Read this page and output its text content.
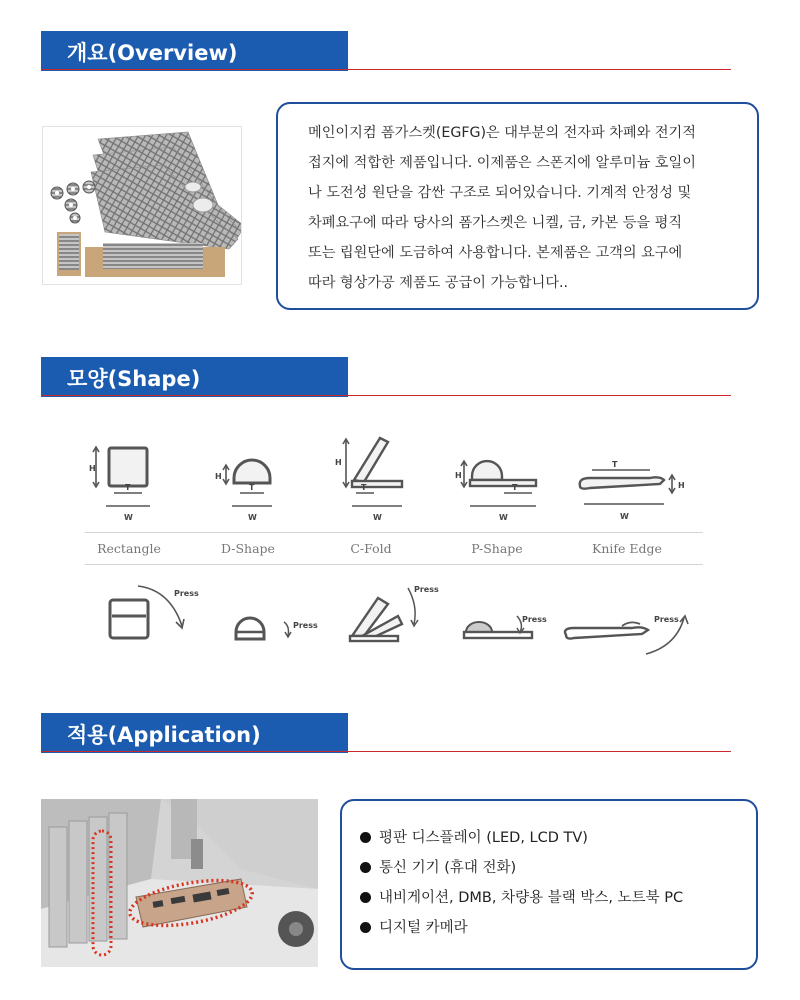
개요(Overview)
메인이지컴 폼가스켓(EGFG)은 대부분의 전자파 차폐와 전기적
접지에 적합한 제품입니다. 이제품은 스폰지에 알루미늄 호일이
나 도전성 원단을 감싼 구조로 되어있습니다. 기계적 안정성 및
차폐요구에 따라 당사의 폼가스켓은 니켈, 금, 카본 등을 평직
또는 립원단에 도금하여 사용합니다. 본제품은 고객의 요구에
따라 형상가공 제품도 공급이 가능합니다..
모양(Shape)
H
T
W
H
T
W
H
T
W
H
T
W
T
H
W
Press
Press
Press
Press	Press
Rectangle	D-Shape	C-Fold	P-Shape	Knife Edge
적용(Application)
평판 디스플레이 (LED, LCD TV)
통신 기기 (휴대 전화)
내비게이션, DMB, 차량용 블랙 박스, 노트북 PC
디지털 카메라
